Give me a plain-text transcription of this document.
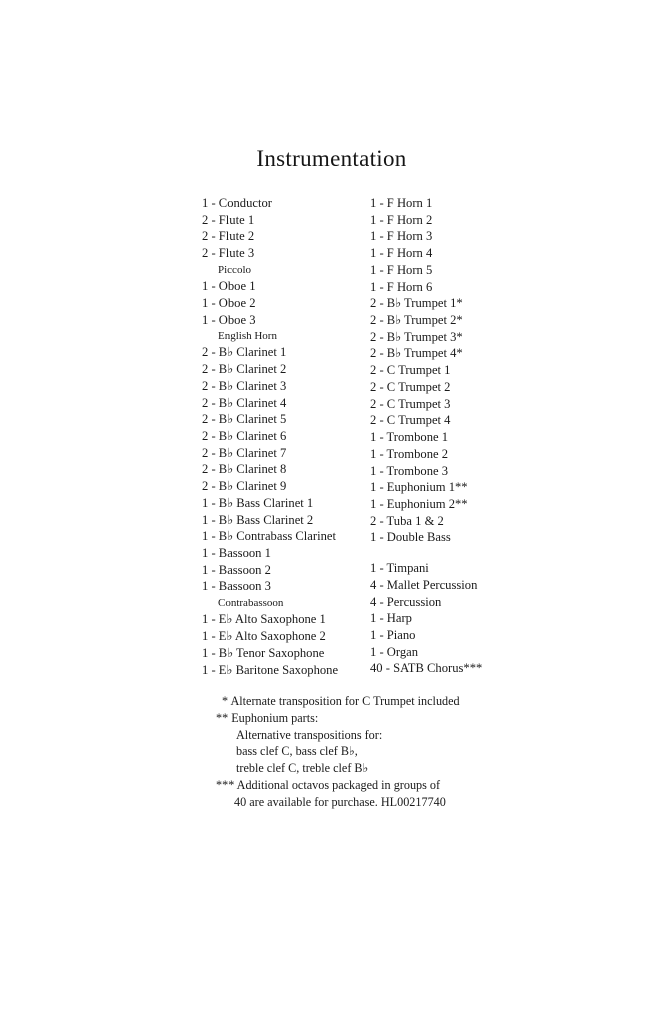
Instrumentation
1 - Conductor
2 - Flute 1
2 - Flute 2
2 - Flute 3
Piccolo
1 - Oboe 1
1 - Oboe 2
1 - Oboe 3
English Horn
2 - B♭ Clarinet 1
2 - B♭ Clarinet 2
2 - B♭ Clarinet 3
2 - B♭ Clarinet 4
2 - B♭ Clarinet 5
2 - B♭ Clarinet 6
2 - B♭ Clarinet 7
2 - B♭ Clarinet 8
2 - B♭ Clarinet 9
1 - B♭ Bass Clarinet 1
1 - B♭ Bass Clarinet 2
1 - B♭ Contrabass Clarinet
1 - Bassoon 1
1 - Bassoon 2
1 - Bassoon 3
Contrabassoon
1 - E♭ Alto Saxophone 1
1 - E♭ Alto Saxophone 2
1 - B♭ Tenor Saxophone
1 - E♭ Baritone Saxophone
1 - F Horn 1
1 - F Horn 2
1 - F Horn 3
1 - F Horn 4
1 - F Horn 5
1 - F Horn 6
2 - B♭ Trumpet 1*
2 - B♭ Trumpet 2*
2 - B♭ Trumpet 3*
2 - B♭ Trumpet 4*
2 - C Trumpet 1
2 - C Trumpet 2
2 - C Trumpet 3
2 - C Trumpet 4
1 - Trombone 1
1 - Trombone 2
1 - Trombone 3
1 - Euphonium 1**
1 - Euphonium 2**
2 - Tuba 1 & 2
1 - Double Bass
1 - Timpani
4 - Mallet Percussion
4 - Percussion
1 - Harp
1 - Piano
1 - Organ
40 - SATB Chorus***
* Alternate transposition for C Trumpet included
** Euphonium parts:
Alternative transpositions for:
bass clef C, bass clef B♭,
treble clef C, treble clef B♭
*** Additional octavos packaged in groups of
40 are available for purchase. HL00217740
